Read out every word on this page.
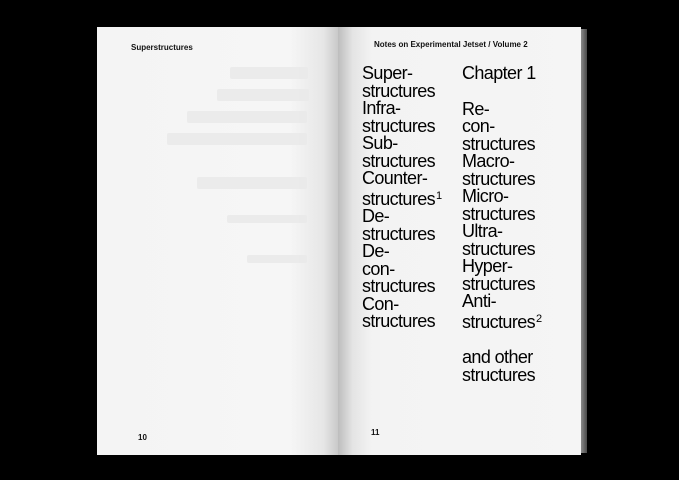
Superstructures
10
Notes on Experimental Jetset / Volume 2
Super-
structures
Infra-
structures
Sub-
structures
Counter-
structures$^1$
De-
structures
De-
con-
structures
Con-
structures
Chapter 1
Re-
con-
structures
Macro-
structures
Micro-
structures
Ultra-
structures
Hyper-
structures
Anti-
structures$^2$
and other
structures
11
